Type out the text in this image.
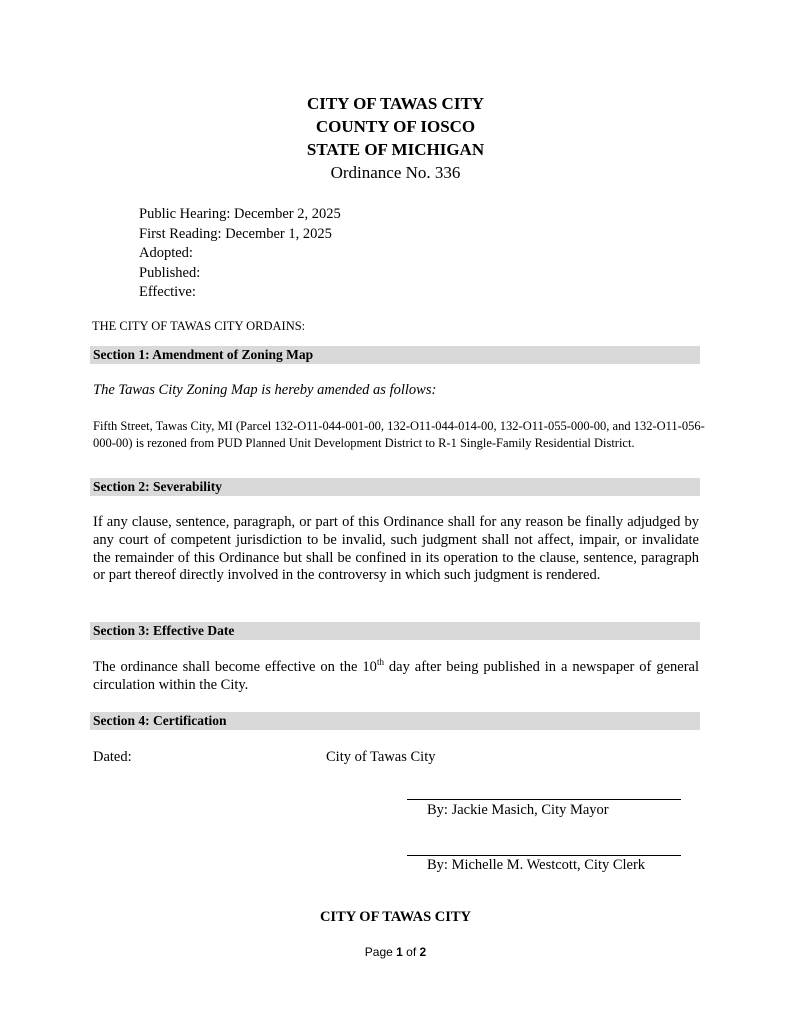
CITY OF TAWAS CITY
COUNTY OF IOSCO
STATE OF MICHIGAN
Ordinance No. 336
Public Hearing: December 2, 2025
First Reading: December 1, 2025
Adopted:
Published:
Effective:
THE CITY OF TAWAS CITY ORDAINS:
Section 1: Amendment of Zoning Map
The Tawas City Zoning Map is hereby amended as follows:
Fifth Street, Tawas City, MI (Parcel 132-O11-044-001-00, 132-O11-044-014-00, 132-O11-055-000-00, and 132-O11-056-000-00) is rezoned from PUD Planned Unit Development District to R-1 Single-Family Residential District.
Section 2: Severability
If any clause, sentence, paragraph, or part of this Ordinance shall for any reason be finally adjudged by any court of competent jurisdiction to be invalid, such judgment shall not affect, impair, or invalidate the remainder of this Ordinance but shall be confined in its operation to the clause, sentence, paragraph or part thereof directly involved in the controversy in which such judgment is rendered.
Section 3: Effective Date
The ordinance shall become effective on the 10th day after being published in a newspaper of general circulation within the City.
Section 4: Certification
Dated:	City of Tawas City
By: Jackie Masich, City Mayor
By: Michelle M. Westcott, City Clerk
CITY OF TAWAS CITY
Page 1 of 2
